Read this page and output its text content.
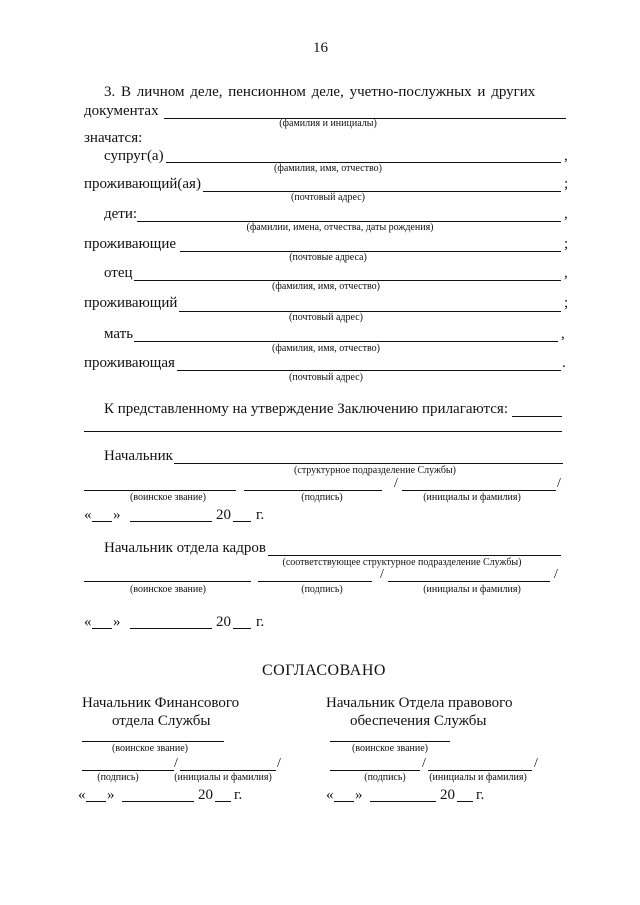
16
3. В личном деле, пенсионном деле, учетно-послужных и других
документах
(фамилия и инициалы)
значатся:
супруг(а)	,
(фамилия, имя, отчество)
проживающий(ая)	;
(почтовый адрес)
дети:	,
(фамилии, имена, отчества, даты рождения)
проживающие	;
(почтовые адреса)
отец	,
(фамилия, имя, отчество)
проживающий	;
(почтовый адрес)
мать	,
(фамилия, имя, отчество)
проживающая	.
(почтовый адрес)
К представленному на утверждение Заключению прилагаются:
Начальник
(структурное подразделение Службы)
/	/
(воинское звание)	(подпись)	(инициалы и фамилия)
« »	20 г.
Начальник отдела кадров
(соответствующее структурное подразделение Службы)
/	/
(воинское звание)	(подпись)	(инициалы и фамилия)
« »	20 г.
СОГЛАСОВАНО
Начальник Финансового
отдела Службы
Начальник Отдела правового
обеспечения Службы
(воинское звание)
/	/
(подпись)	(инициалы и фамилия)
« »	20 г.
(воинское звание)
/	/
(подпись) (инициалы и фамилия)
« »	20 г.
